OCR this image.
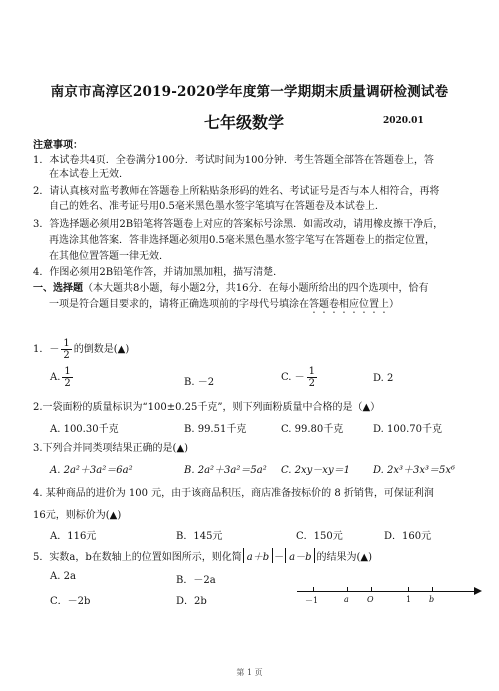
南京市高淳区2019-2020学年度第一学期期末质量调研检测试卷
七年级数学	2020.01
注意事项：
1．本试卷共4页．全卷满分100分．考试时间为100分钟．考生答题全部答在答题卷上，答
在本试卷上无效．
2．请认真核对监考教师在答题卷上所粘贴条形码的姓名、考试证号是否与本人相符合，再将
自己的姓名、准考证号用0.5毫米黑色墨水签字笔填写在答题卷及本试卷上．
3．答选择题必须用2B铅笔将答题卷上对应的答案标号涂黑．如需改动，请用橡皮擦干净后，
再选涂其他答案．答非选择题必须用0.5毫米黑色墨水签字笔写在答题卷上的指定位置，
在其他位置答题一律无效．
4．作图必须用2B铅笔作答，并请加黑加粗，描写清楚．
一、选择题（本大题共8小题，每小题2分，共16分．在每小题所给出的四个选项中，恰有
一项是符合题目要求的，请将正确选项前的字母代号填涂在答题卷相应位置上）
1．－ $\frac{1}{2}$ 的倒数是(▲)
A. $\frac{1}{2}$	B. －2	C. － $\frac{1}{2}$	D. 2
2.一袋面粉的质量标识为“100±0.25千克”，则下列面粉质量中合格的是（▲）
A. 100.30千克	B. 99.51千克	C. 99.80千克	D. 100.70千克
3.下列合并同类项结果正确的是(▲)
A. 2a²＋3a²＝6a²	B. 2a²＋3a²＝5a² C. 2xy－xy＝1 D. 2x³＋3x³＝5x⁶
4. 某种商品的进价为 100 元，由于该商品积压，商店准备按标价的 8 折销售，可保证利润
16元，则标价为(▲)
A．116元	B．145元	C．150元	D．160元
5．实数a，b在数轴上的位置如图所示，则化简 a＋b － a－b 的结果为(▲)
A. 2a	B．－2a
C．－2b	D．2b	－1	a O	1 b
第 1 页
